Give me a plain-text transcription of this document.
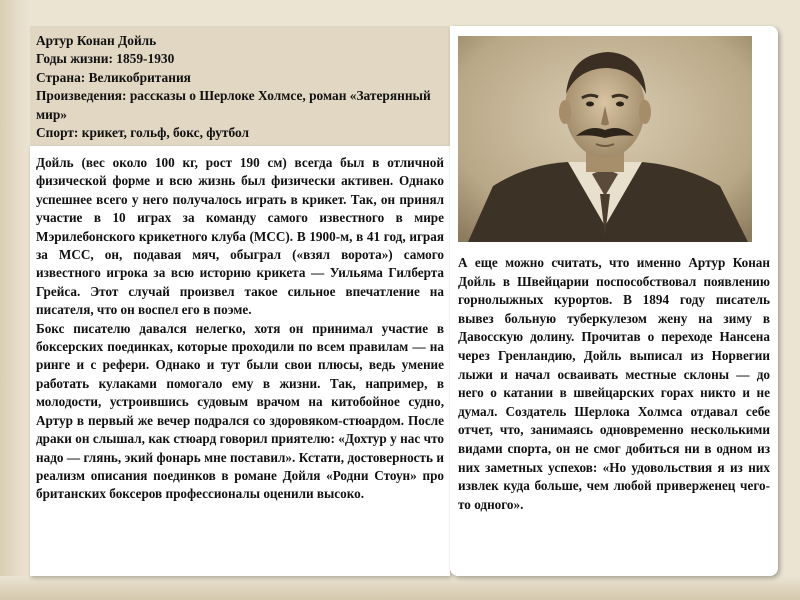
Артур Конан Дойль
Годы жизни: 1859-1930
Страна: Великобритания
Произведения: рассказы о Шерлоке Холмсе, роман «Затерянный мир»
Спорт: крикет, гольф, бокс, футбол

Дойль (вес около 100 кг, рост 190 см) всегда был в отличной физической форме и всю жизнь был физически активен. Однако успешнее всего у него получалось играть в крикет. Так, он принял участие в 10 играх за команду самого известного в мире Мэрилебонского крикетного клуба (МСС). В 1900-м, в 41 год, играя за МСС, он, подавая мяч, обыграл («взял ворота») самого известного игрока за всю историю крикета — Уильяма Гилберта Грейса. Этот случай произвел такое сильное впечатление на писателя, что он воспел его в поэме.

Бокс писателю давался нелегко, хотя он принимал участие в боксерских поединках, которые проходили по всем правилам — на ринге и с рефери. Однако и тут были свои плюсы, ведь умение работать кулаками помогало ему в жизни. Так, например, в молодости, устроившись судовым врачом на китобойное судно, Артур в первый же вечер подрался со здоровяком-стюардом. После драки он слышал, как стюард говорил приятелю: «Дохтур у нас что надо — глянь, экий фонарь мне поставил». Кстати, достоверность и реализм описания поединков в романе Дойля «Родни Стоун» про британских боксеров профессионалы оценили высоко.

А еще можно считать, что именно Артур Конан Дойль в Швейцарии поспособствовал появлению горнолыжных курортов. В 1894 году писатель вывез больную туберкулезом жену на зиму в Давосскую долину. Прочитав о переходе Нансена через Гренландию, Дойль выписал из Норвегии лыжи и начал осваивать местные склоны — до него о катании в швейцарских горах никто и не думал. Создатель Шерлока Холмса отдавал себе отчет, что, занимаясь одновременно несколькими видами спорта, он не смог добиться ни в одном из них заметных успехов: «Но удовольствия я из них извлек куда больше, чем любой приверженец чего-то одного».
